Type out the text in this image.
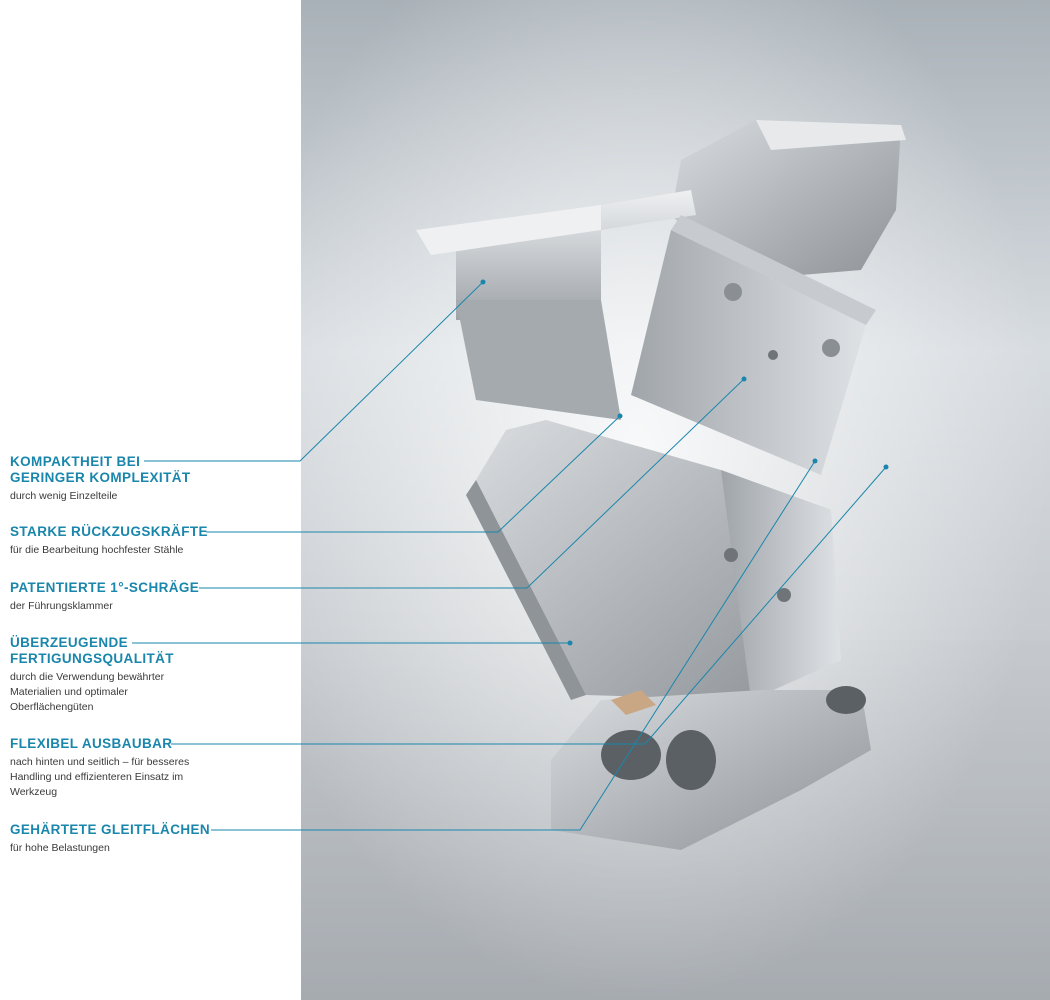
KOMPAKTHEIT BEI
GERINGER KOMPLEXITÄT
durch wenig Einzelteile
STARKE RÜCKZUGSKRÄFTE
für die Bearbeitung hochfester Stähle
PATENTIERTE 1°-SCHRÄGE
der Führungsklammer
ÜBERZEUGENDE
FERTIGUNGSQUALITÄT
durch die Verwendung bewährter Materialien und optimaler Oberflächengüten
FLEXIBEL AUSBAUBAR
nach hinten und seitlich – für besseres Handling und effizienteren Einsatz im Werkzeug
GEHÄRTETE GLEITFLÄCHEN
für hohe Belastungen
